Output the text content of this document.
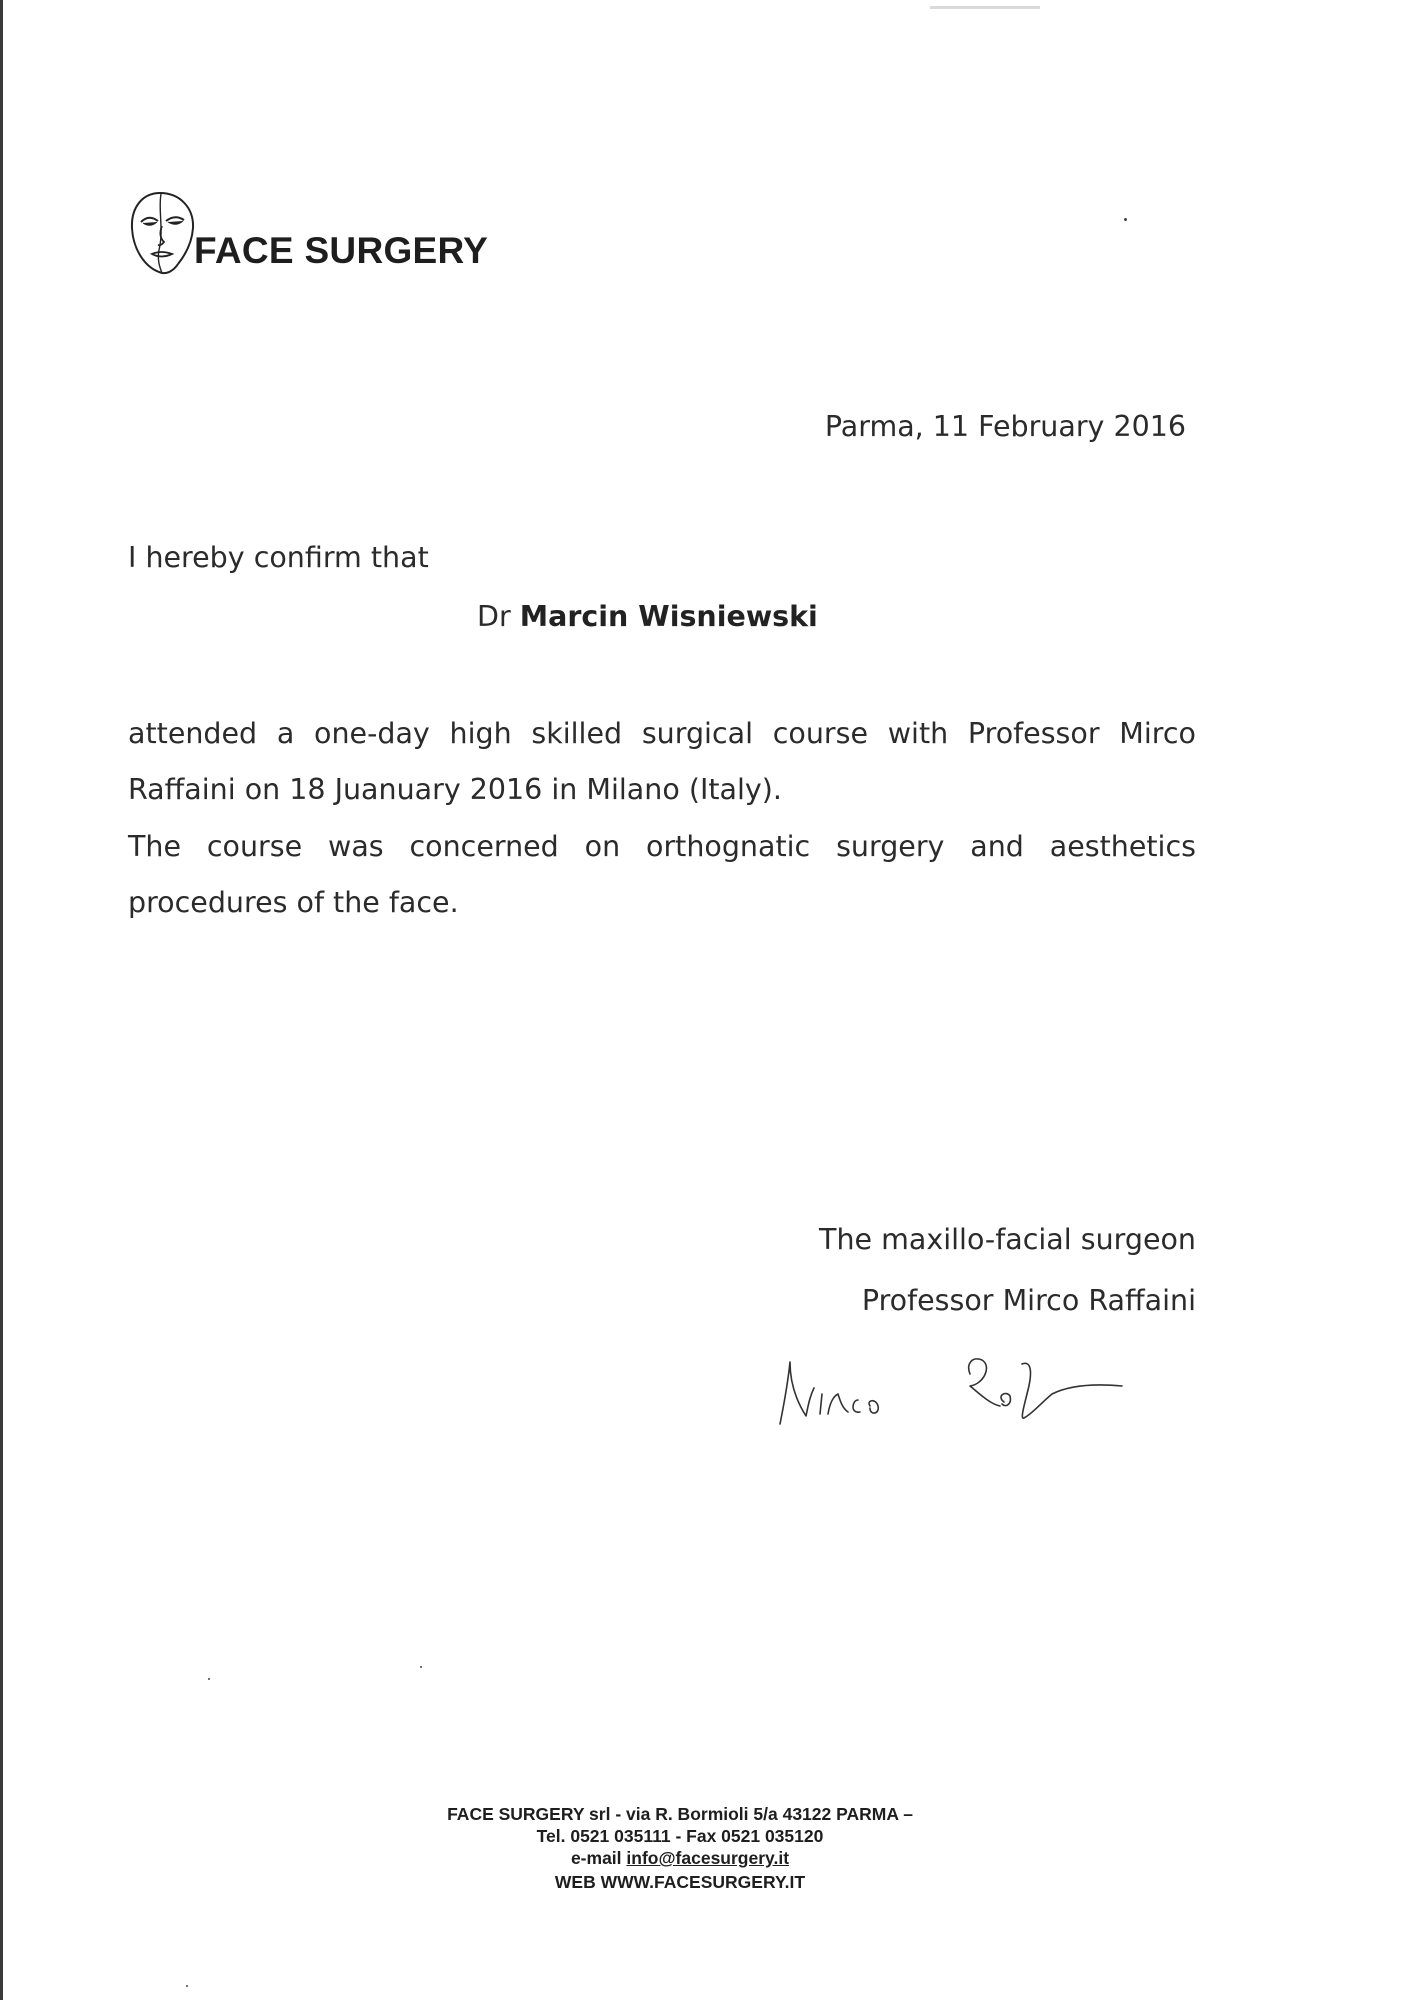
FACE SURGERY
Parma, 11 February 2016
I hereby confirm that
Dr Marcin Wisniewski
attended a one-day high skilled surgical course with Professor Mirco
Raffaini on 18 Juanuary 2016 in Milano (Italy).
The course was concerned on orthognatic surgery and aesthetics
procedures of the face.
The maxillo-facial surgeon
Professor Mirco Raffaini
FACE SURGERY srl - via R. Bormioli 5/a 43122 PARMA –
Tel. 0521 035111 - Fax 0521 035120
e-mail info@facesurgery.it
WEB WWW.FACESURGERY.IT
